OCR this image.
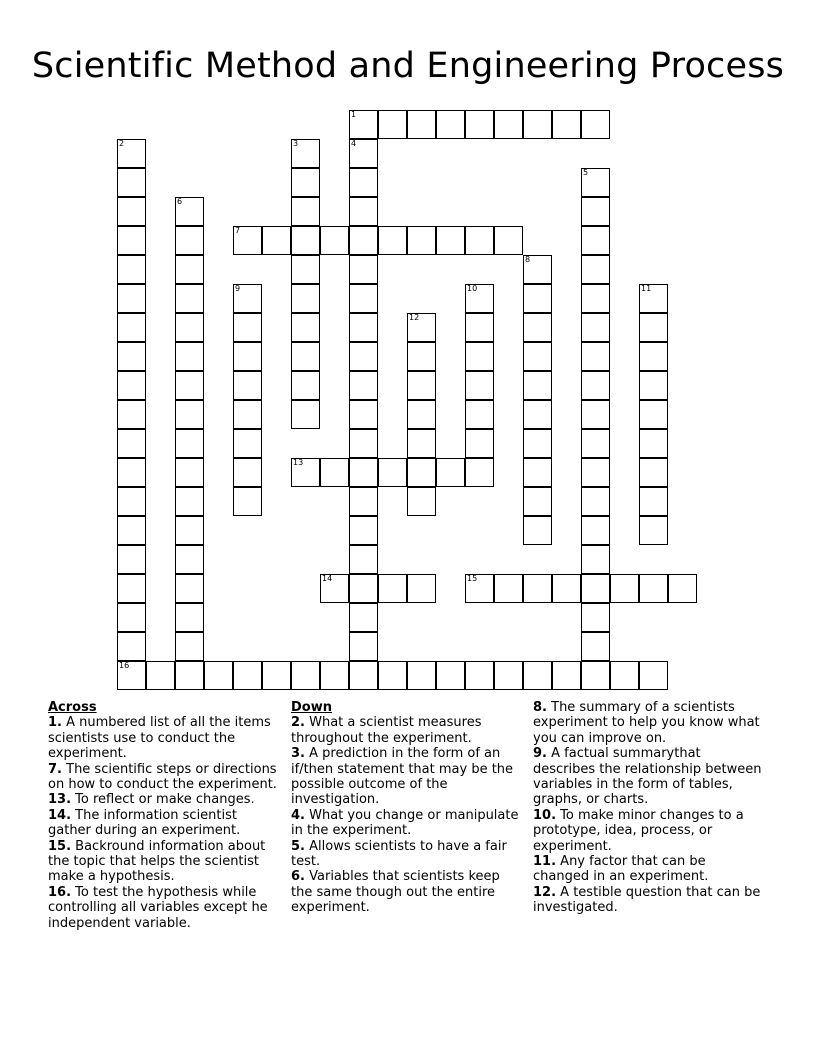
Scientific Method and Engineering Process
1
2	3	4
5
6
7
8
9	10	11
12
13
14	15
16
Across
1. A numbered list of all the items scientists use to conduct the experiment.
7. The scientific steps or directions on how to conduct the experiment.
13. To reflect or make changes.
14. The information scientist gather during an experiment.
15. Backround information about the topic that helps the scientist make a hypothesis.
16. To test the hypothesis while controlling all variables except he independent variable.
Down
2. What a scientist measures throughout the experiment.
3. A prediction in the form of an if/then statement that may be the possible outcome of the investigation.
4. What you change or manipulate in the experiment.
5. Allows scientists to have a fair test.
6. Variables that scientists keep the same though out the entire experiment.
8. The summary of a scientists experiment to help you know what you can improve on.
9. A factual summarythat describes the relationship between variables in the form of tables, graphs, or charts.
10. To make minor changes to a prototype, idea, process, or experiment.
11. Any factor that can be changed in an experiment.
12. A testible question that can be investigated.
